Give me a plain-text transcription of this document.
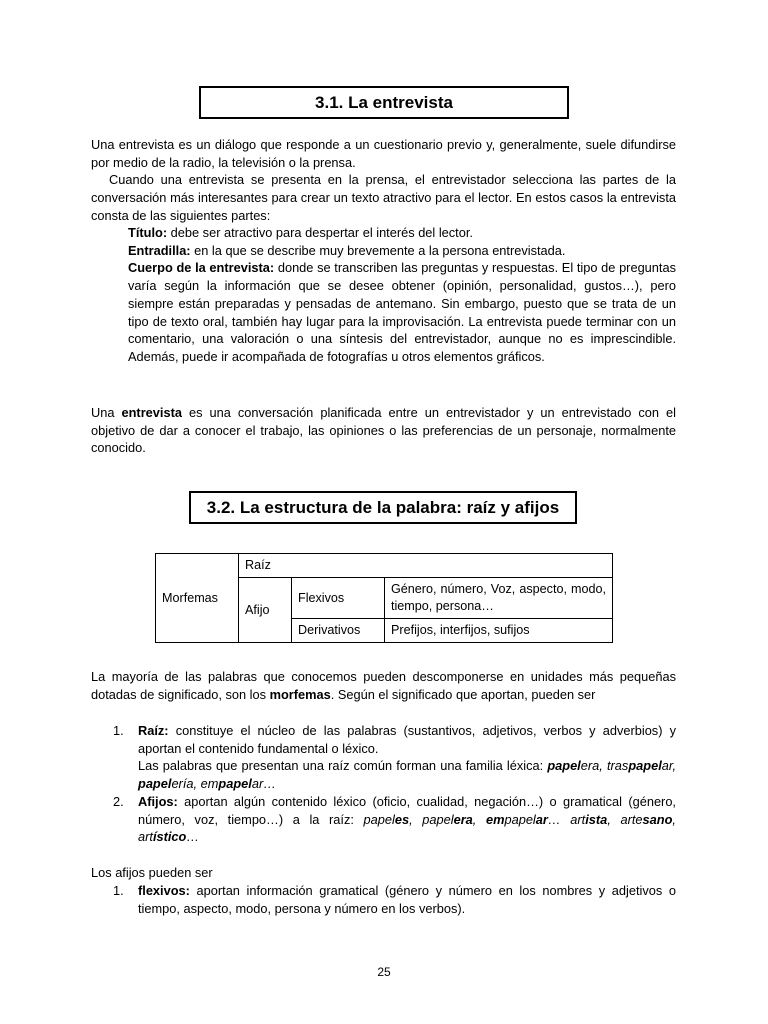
3.1. La entrevista

Una entrevista es un diálogo que responde a un cuestionario previo y, generalmente, suele difundirse por medio de la radio, la televisión o la prensa.

Cuando una entrevista se presenta en la prensa, el entrevistador selecciona las partes de la conversación más interesantes para crear un texto atractivo para el lector. En estos casos la entrevista consta de las siguientes partes:

Título: debe ser atractivo para despertar el interés del lector.

Entradilla: en la que se describe muy brevemente a la persona entrevistada.

Cuerpo de la entrevista: donde se transcriben las preguntas y respuestas. El tipo de preguntas varía según la información que se desee obtener (opinión, personalidad, gustos…), pero siempre están preparadas y pensadas de antemano. Sin embargo, puesto que se trata de un tipo de texto oral, también hay lugar para la improvisación. La entrevista puede terminar con un comentario, una valoración o una síntesis del entrevistador, aunque no es imprescindible. Además, puede ir acompañada de fotografías u otros elementos gráficos.

Una entrevista es una conversación planificada entre un entrevistador y un entrevistado con el objetivo de dar a conocer el trabajo, las opiniones o las preferencias de un personaje, normalmente conocido.

3.2. La estructura de la palabra: raíz y afijos
Morfemas	Raíz		
	Afijo	Flexivos	Género, número, Voz, aspecto, modo, tiempo, persona…
		Derivativos	Prefijos, interfijos, sufijos

La mayoría de las palabras que conocemos pueden descomponerse en unidades más pequeñas dotadas de significado, son los morfemas. Según el significado que aportan, pueden ser

1. Raíz: constituye el núcleo de las palabras (sustantivos, adjetivos, verbos y adverbios) y aportan el contenido fundamental o léxico.

Las palabras que presentan una raíz común forman una familia léxica: papelera, traspapelar, papelería, empapelar…

2. Afijos: aportan algún contenido léxico (oficio, cualidad, negación…) o gramatical (género, número, voz, tiempo…) a la raíz: papeles, papelera, empapelar… artista, artesano, artístico…

Los afijos pueden ser
1. flexivos: aportan información gramatical (género y número en los nombres y adjetivos o tiempo, aspecto, modo, persona y número en los verbos).

25
